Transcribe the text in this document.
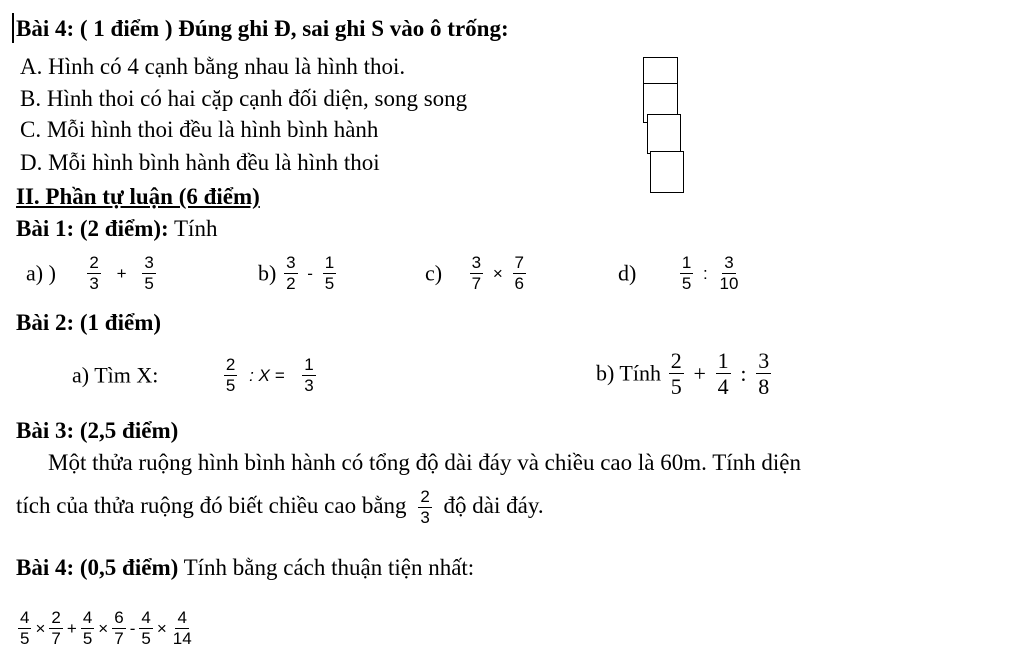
Bài 4: ( 1 điểm ) Đúng ghi Đ, sai ghi S vào ô trống:
A. Hình có 4 cạnh bằng nhau là hình thoi.
B. Hình thoi có hai cặp cạnh đối diện, song song
C. Mỗi hình thoi đều là hình bình hành
D. Mỗi hình bình hành đều là hình thoi
II. Phần tự luận (6 điểm)
Bài 1: (2 điểm): Tính
a) ) $\frac{2}{3} + \frac{3}{5}$	$b) \frac{3}{2} - \frac{1}{5}$	$c) \frac{3}{7} \times \frac{7}{6}$	d)	$\frac{1}{5}$ : $\frac{3}{10}$
Bài 2: (1 điểm)
a) Tìm X:	$\frac{2}{5}$ : $X = \frac{1}{3}$	b) Tính $\frac{2}{5} + \frac{1}{4}$ : $\frac{3}{8}$
Bài 3: (2,5 điểm)
Một thửa ruộng hình bình hành có tổng độ dài đáy và chiều cao là 60m. Tính diện
tích của thửa ruộng đó biết chiều cao bằng $\frac{2}{3}$ độ dài đáy.
Bài 4: (0,5 điểm) Tính bằng cách thuận tiện nhất:
$\frac{4}{5} \times \frac{2}{7} + \frac{4}{5} \times \frac{6}{7} - \frac{4}{5} \times \frac{4}{14}$
